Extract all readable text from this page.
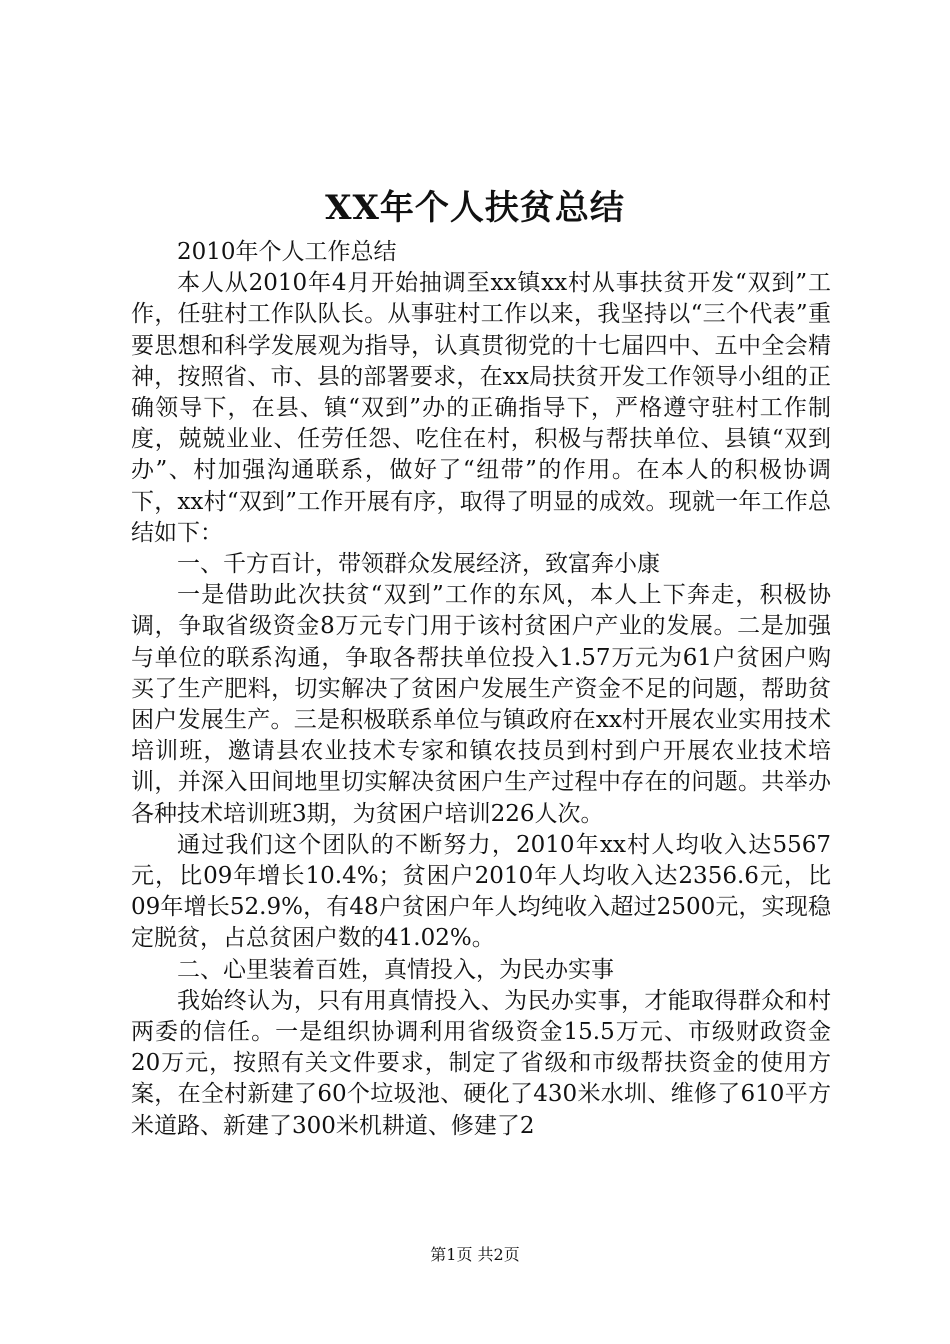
XX年个人扶贫总结

2010年个人工作总结

本人从2010年4月开始抽调至xx镇xx村从事扶贫开发“双到”工作，任驻村工作队队长。从事驻村工作以来，我坚持以“三个代表”重要思想和科学发展观为指导，认真贯彻党的十七届四中、五中全会精神，按照省、市、县的部署要求，在xx局扶贫开发工作领导小组的正确领导下，在县、镇“双到”办的正确指导下，严格遵守驻村工作制度，兢兢业业、任劳任怨、吃住在村，积极与帮扶单位、县镇“双到办”、村加强沟通联系，做好了“纽带”的作用。在本人的积极协调下，xx村“双到”工作开展有序，取得了明显的成效。现就一年工作总结如下：

一、千方百计，带领群众发展经济，致富奔小康

一是借助此次扶贫“双到”工作的东风，本人上下奔走，积极协调，争取省级资金8万元专门用于该村贫困户产业的发展。二是加强与单位的联系沟通，争取各帮扶单位投入1.57万元为61户贫困户购买了生产肥料，切实解决了贫困户发展生产资金不足的问题，帮助贫困户发展生产。三是积极联系单位与镇政府在xx村开展农业实用技术培训班，邀请县农业技术专家和镇农技员到村到户开展农业技术培训，并深入田间地里切实解决贫困户生产过程中存在的问题。共举办各种技术培训班3期，为贫困户培训226人次。

通过我们这个团队的不断努力，2010年xx村人均收入达5567元，比09年增长10.4%；贫困户2010年人均收入达2356.6元，比09年增长52.9%，有48户贫困户年人均纯收入超过2500元，实现稳定脱贫，占总贫困户数的41.02%。

二、心里装着百姓，真情投入，为民办实事

我始终认为，只有用真情投入、为民办实事，才能取得群众和村两委的信任。一是组织协调利用省级资金15.5万元、市级财政资金20万元，按照有关文件要求，制定了省级和市级帮扶资金的使用方案，在全村新建了60个垃圾池、硬化了430米水圳、维修了610平方米道路、新建了300米机耕道、修建了2

第1页 共2页
